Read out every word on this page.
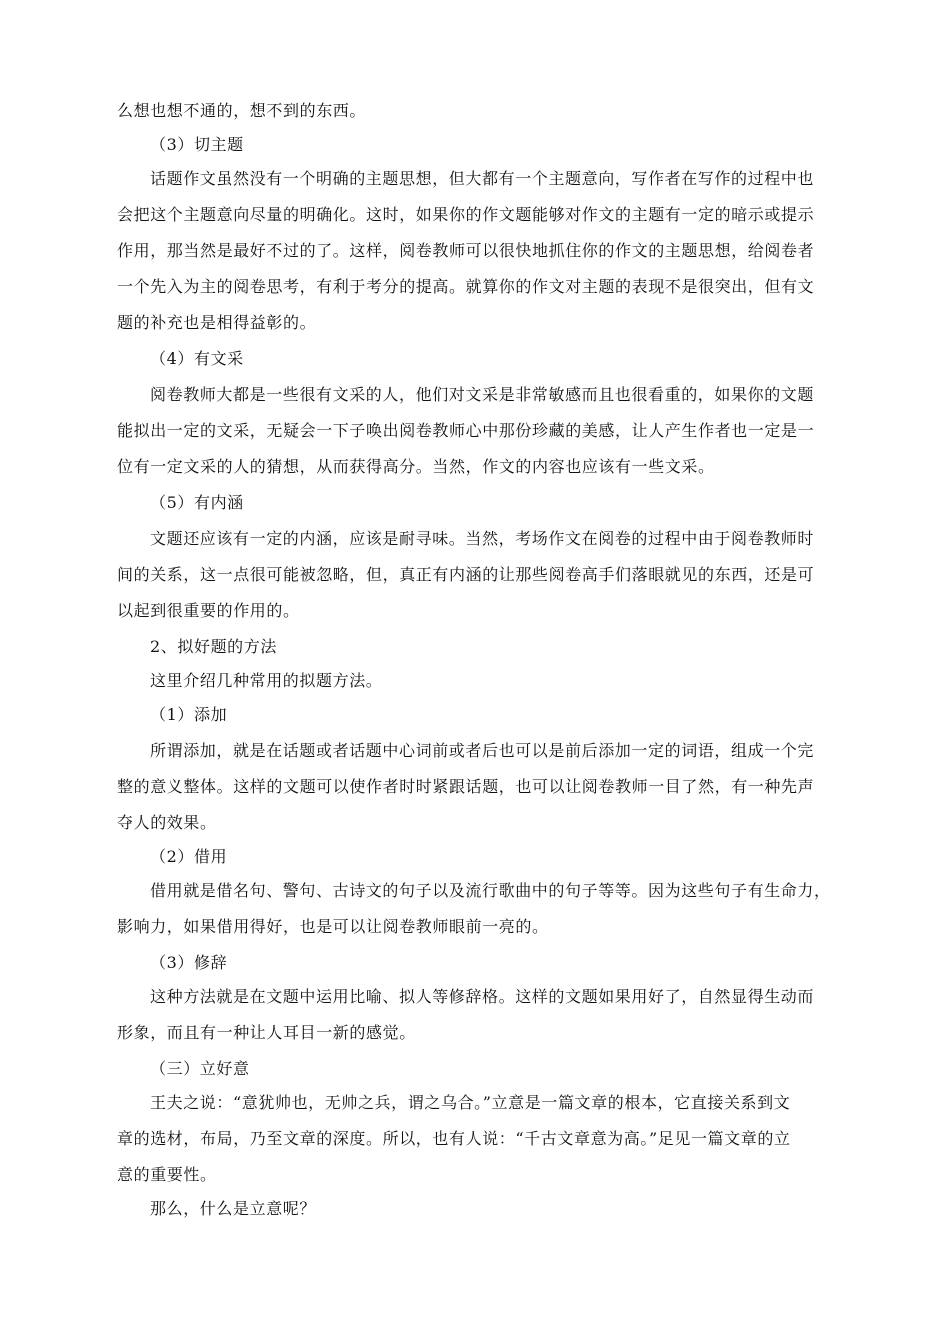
么想也想不通的，想不到的东西。
（3）切主题
话题作文虽然没有一个明确的主题思想，但大都有一个主题意向，写作者在写作的过程中也
会把这个主题意向尽量的明确化。这时，如果你的作文题能够对作文的主题有一定的暗示或提示
作用，那当然是最好不过的了。这样，阅卷教师可以很快地抓住你的作文的主题思想，给阅卷者
一个先入为主的阅卷思考，有利于考分的提高。就算你的作文对主题的表现不是很突出，但有文
题的补充也是相得益彰的。
（4）有文采
阅卷教师大都是一些很有文采的人，他们对文采是非常敏感而且也很看重的，如果你的文题
能拟出一定的文采，无疑会一下子唤出阅卷教师心中那份珍藏的美感，让人产生作者也一定是一
位有一定文采的人的猜想，从而获得高分。当然，作文的内容也应该有一些文采。
（5）有内涵
文题还应该有一定的内涵，应该是耐寻味。当然，考场作文在阅卷的过程中由于阅卷教师时
间的关系，这一点很可能被忽略，但，真正有内涵的让那些阅卷高手们落眼就见的东西，还是可
以起到很重要的作用的。
2、拟好题的方法
这里介绍几种常用的拟题方法。
（1）添加
所谓添加，就是在话题或者话题中心词前或者后也可以是前后添加一定的词语，组成一个完
整的意义整体。这样的文题可以使作者时时紧跟话题，也可以让阅卷教师一目了然，有一种先声
夺人的效果。
（2）借用
借用就是借名句、警句、古诗文的句子以及流行歌曲中的句子等等。因为这些句子有生命力，
影响力，如果借用得好，也是可以让阅卷教师眼前一亮的。
（3）修辞
这种方法就是在文题中运用比喻、拟人等修辞格。这样的文题如果用好了，自然显得生动而
形象，而且有一种让人耳目一新的感觉。
（三）立好意
王夫之说：“意犹帅也，无帅之兵，谓之乌合。”立意是一篇文章的根本，它直接关系到文
章的选材，布局，乃至文章的深度。所以，也有人说：“千古文章意为高。”足见一篇文章的立
意的重要性。
那么，什么是立意呢？
